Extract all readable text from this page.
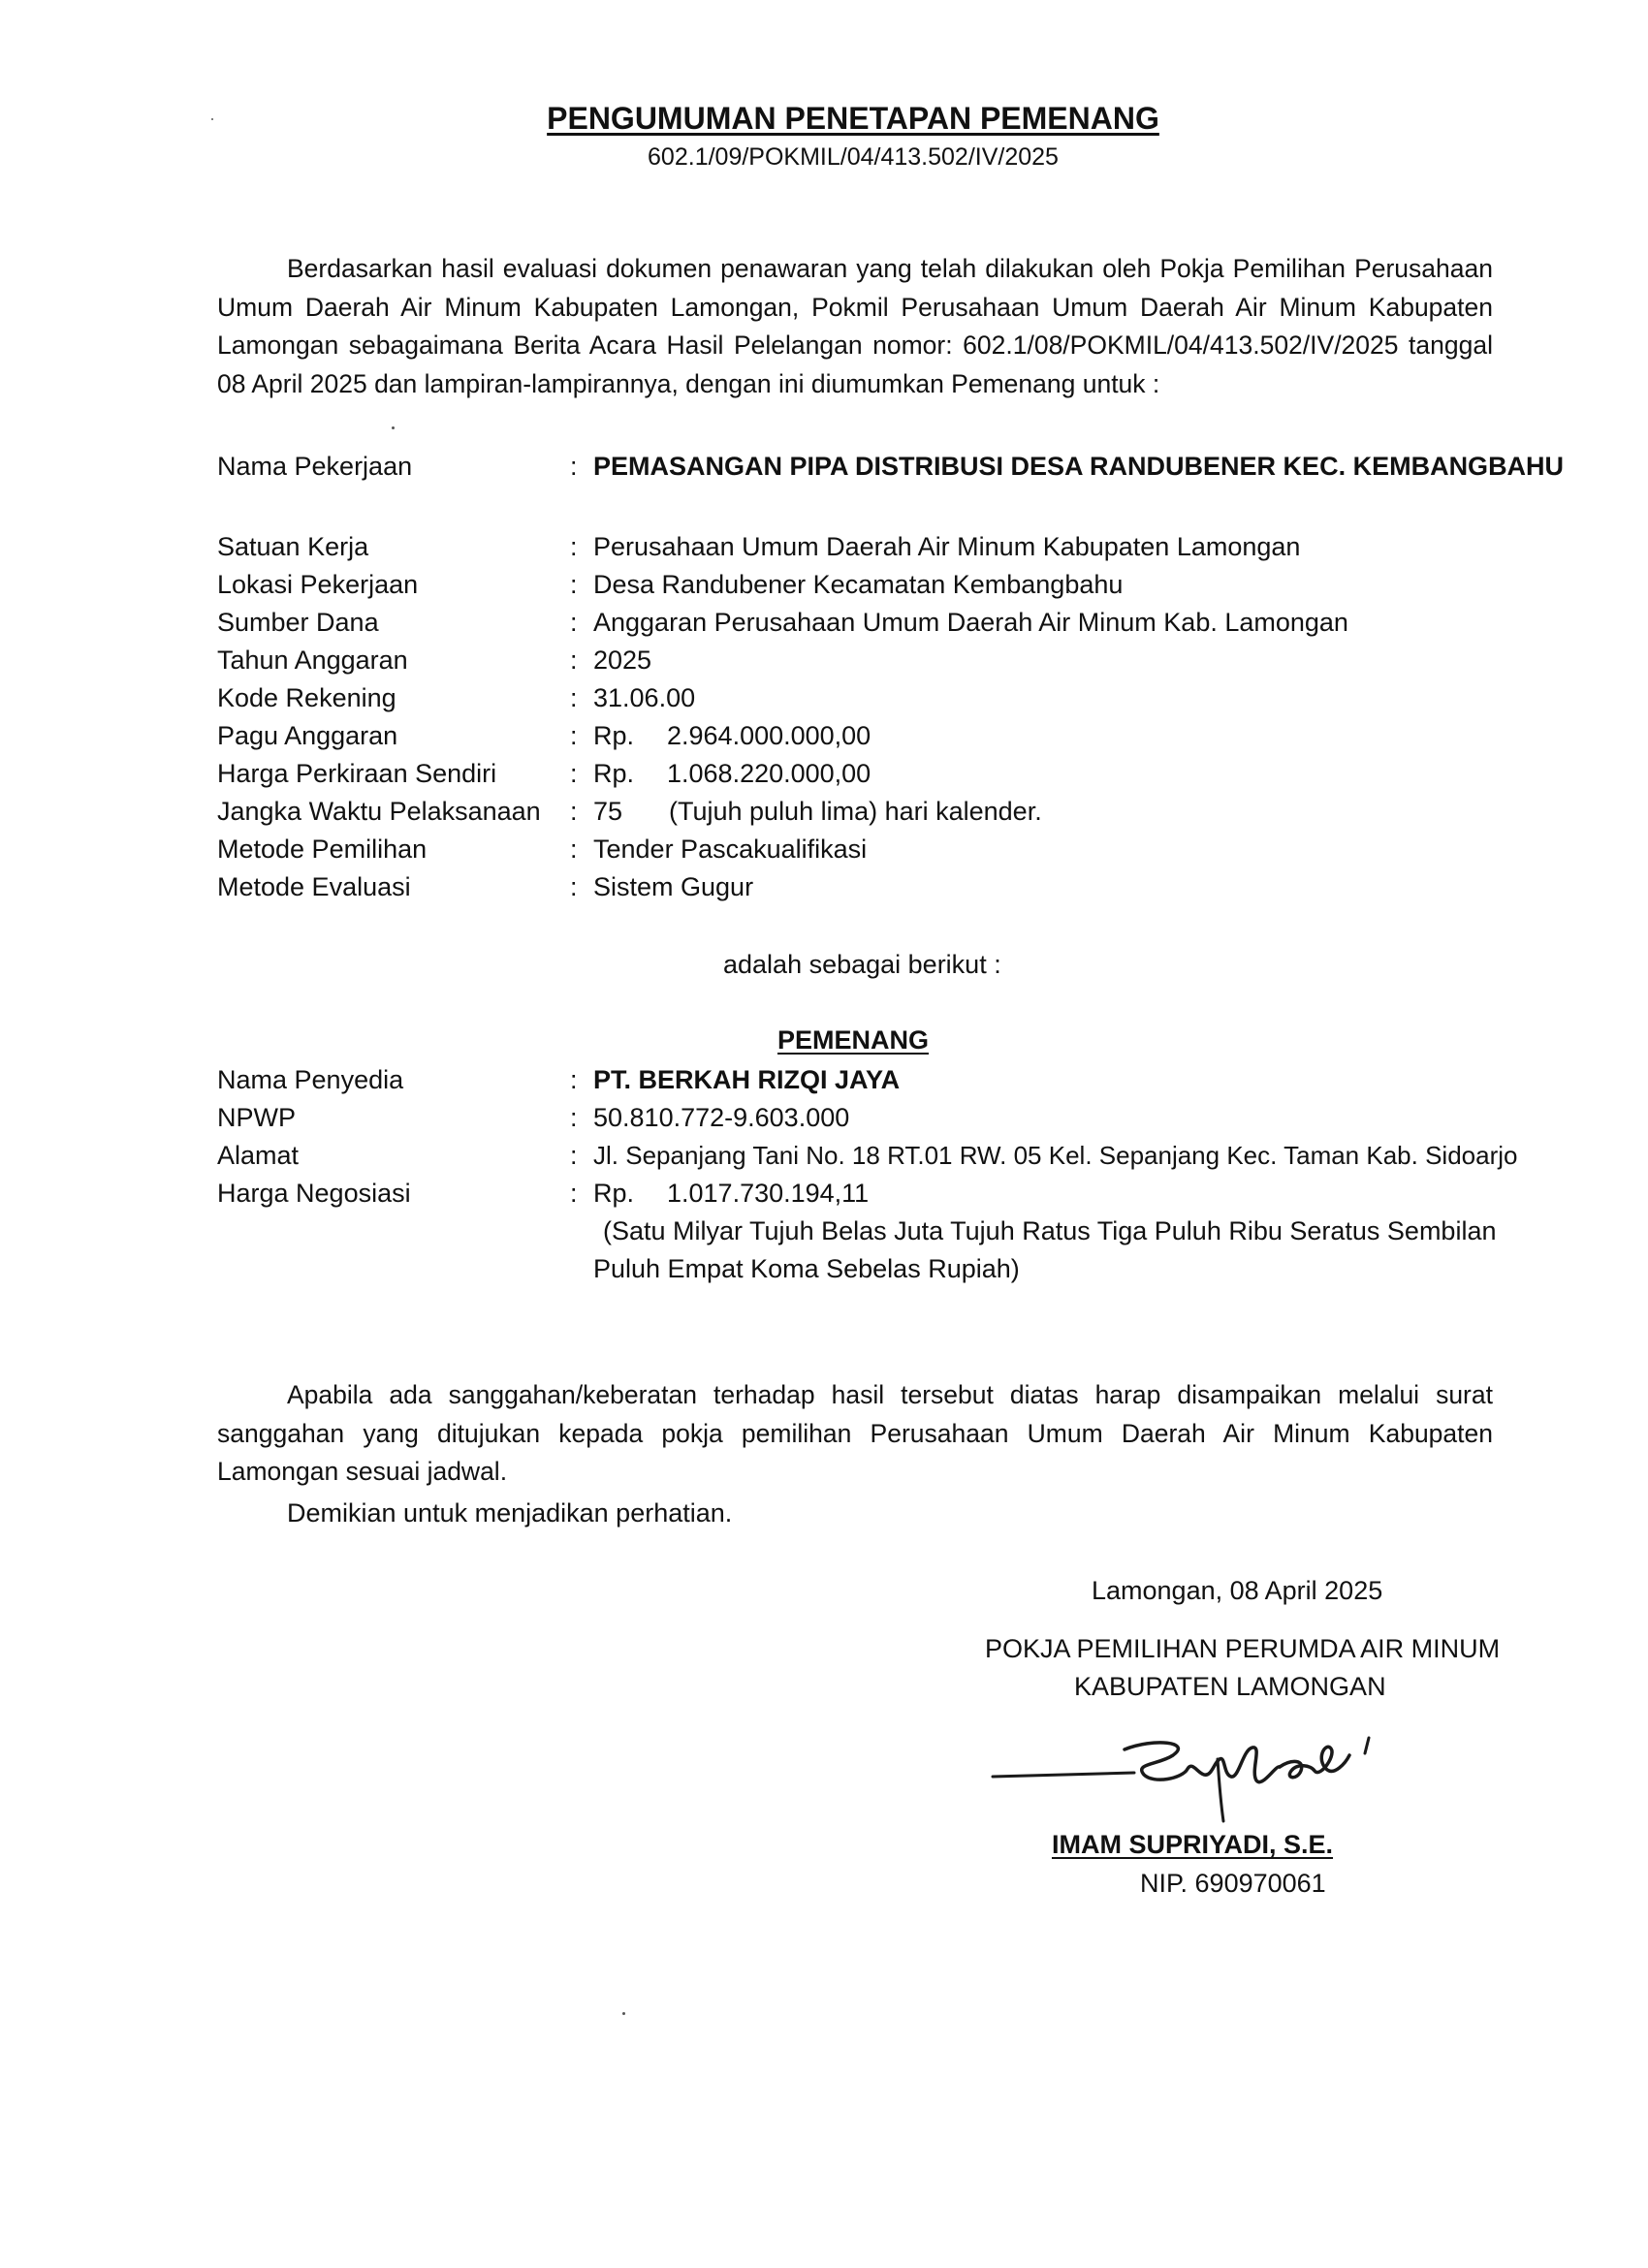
PENGUMUMAN PENETAPAN PEMENANG
602.1/09/POKMIL/04/413.502/IV/2025
Berdasarkan hasil evaluasi dokumen penawaran yang telah dilakukan oleh Pokja Pemilihan Perusahaan Umum Daerah Air Minum Kabupaten Lamongan, Pokmil Perusahaan Umum Daerah Air Minum Kabupaten Lamongan sebagaimana Berita Acara Hasil Pelelangan nomor: 602.1/08/POKMIL/04/413.502/IV/2025 tanggal 08 April 2025 dan lampiran-lampirannya, dengan ini diumumkan Pemenang untuk :
Nama Pekerjaan	: PEMASANGAN PIPA DISTRIBUSI DESA RANDUBENER KEC. KEMBANGBAHU
Satuan Kerja	: Perusahaan Umum Daerah Air Minum Kabupaten Lamongan
Lokasi Pekerjaan	: Desa Randubener Kecamatan Kembangbahu
Sumber Dana	: Anggaran Perusahaan Umum Daerah Air Minum Kab. Lamongan
Tahun Anggaran	: 2025
Kode Rekening	: 31.06.00
Pagu Anggaran	: Rp. 2.964.000.000,00
Harga Perkiraan Sendiri	: Rp. 1.068.220.000,00
Jangka Waktu Pelaksanaan : 75 (Tujuh puluh lima) hari kalender.
Metode Pemilihan	: Tender Pascakualifikasi
Metode Evaluasi	: Sistem Gugur
adalah sebagai berikut :
PEMENANG
Nama Penyedia	: PT. BERKAH RIZQI JAYA
NPWP	: 50.810.772-9.603.000
Alamat	: Jl. Sepanjang Tani No. 18 RT.01 RW. 05 Kel. Sepanjang Kec. Taman Kab. Sidoarjo
Harga Negosiasi	: Rp. 1.017.730.194,11
(Satu Milyar Tujuh Belas Juta Tujuh Ratus Tiga Puluh Ribu Seratus Sembilan
Puluh Empat Koma Sebelas Rupiah)
Apabila ada sanggahan/keberatan terhadap hasil tersebut diatas harap disampaikan melalui surat sanggahan yang ditujukan kepada pokja pemilihan Perusahaan Umum Daerah Air Minum Kabupaten Lamongan sesuai jadwal.
Demikian untuk menjadikan perhatian.
Lamongan, 08 April 2025
POKJA PEMILIHAN PERUMDA AIR MINUM
KABUPATEN LAMONGAN
IMAM SUPRIYADI, S.E.
NIP. 690970061
